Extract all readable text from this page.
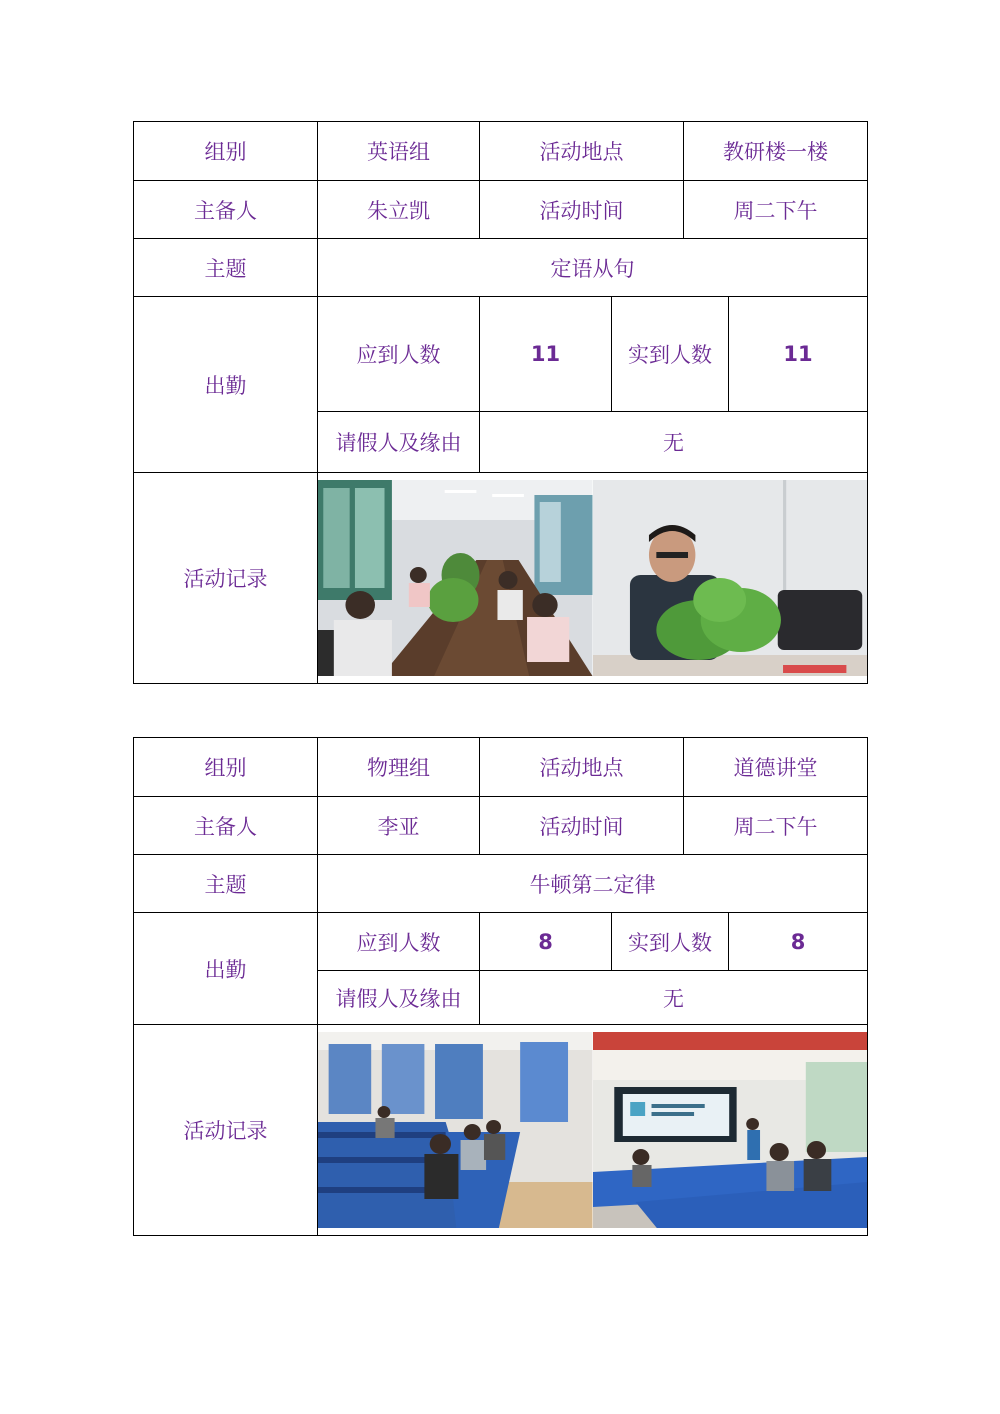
组别	英语组	活动地点		教研楼一楼	
主备人	朱立凯	活动时间		周二下午	
主题	定语从句				
出勤	应到人数	11	实到人数		11
	请假人及缘由	无			
活动记录	
组别	物理组	活动地点		道德讲堂	
主备人	李亚	活动时间		周二下午	
主题	牛顿第二定律				
出勤	应到人数	8	实到人数		8
	请假人及缘由	无			
活动记录	
